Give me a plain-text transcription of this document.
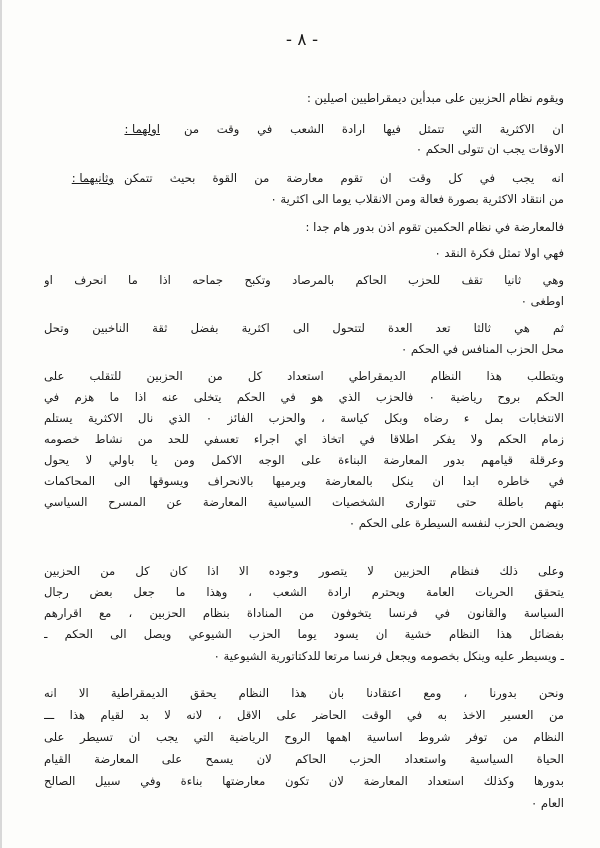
- ٨ -
ويقوم نظام الحزبين على مبدأين ديمقراطيين اصيلين :
ان الاكثرية التي تتمثل فيها ارادة الشعب في وقت من
اولهما :
الاوقات يجب ان تتولى الحكم ٠
انه يجب في كل وقت ان تقوم معارضة من القوة بحيث تتمكن
وثانيهما :
من انتقاد الاكثرية بصورة فعالة ومن الانقلاب يوما الى اكثرية ٠
فالمعارضة في نظام الحكمين تقوم اذن بدور هام جدا :
فهي اولا تمثل فكرة النقد ٠
وهي ثانيا تقف للحزب الحاكم بالمرصاد وتكبح جماحه اذا ما انحرف او
اوطغى ٠
ثم هي ثالثا تعد العدة لتتحول الى اكثرية بفضل ثقة الناخبين وتحل
محل الحزب المنافس في الحكم ٠
ويتطلب هذا النظام الديمقراطي استعداد كل من الحزبين للتقلب على
الحكم بروح رياضية ٠ فالحزب الذي هو في الحكم يتخلى عنه اذا ما هزم في
الانتخابات بمل ء رضاه وبكل كياسة ، والحزب الفائز ٠ الذي نال الاكثرية يستلم
زمام الحكم ولا يفكر اطلاقا في اتخاذ اي اجراء تعسفي للحد من نشاط خصومه
وعرقلة قيامهم بدور المعارضة البناءة على الوجه الاكمل ومن يا باولي لا يحول
في خاطره ابدا ان ينكل بالمعارضة ويرميها بالانحراف ويسوقها الى المحاكمات
بتهم باطلة حتى تتوارى الشخصيات السياسية المعارضة عن المسرح السياسي
ويضمن الحزب لنفسه السيطرة على الحكم ٠
وعلى ذلك فنظام الحزبين لا يتصور وجوده الا اذا كان كل من الحزبين
يتحقق الحريات العامة ويحترم ارادة الشعب ، وهذا ما جعل بعض رجال
السياسة والقانون في فرنسا يتخوفون من المناداة بنظام الحزبين ، مع اقرارهم
بفضائل هذا النظام خشية ان يسود يوما الحزب الشيوعي ويصل الى الحكم ـ
ـ ويسيطر عليه وينكل بخصومه ويجعل فرنسا مرتعا للدكتاتورية الشيوعية ٠
ونحن بدورنا ، ومع اعتقادنا بان هذا النظام يحقق الديمقراطية الا انه
من العسير الاخذ به في الوقت الحاضر على الاقل ، لانه لا بد لقيام هذا ـــ
النظام من توفر شروط اساسية اهمها الروح الرياضية التي يجب ان تسيطر على
الحياة السياسية واستعداد الحزب الحاكم لان يسمح على المعارضة القيام
بدورها وكذلك استعداد المعارضة لان تكون معارضتها بناءة وفي سبيل الصالح
العام ٠
